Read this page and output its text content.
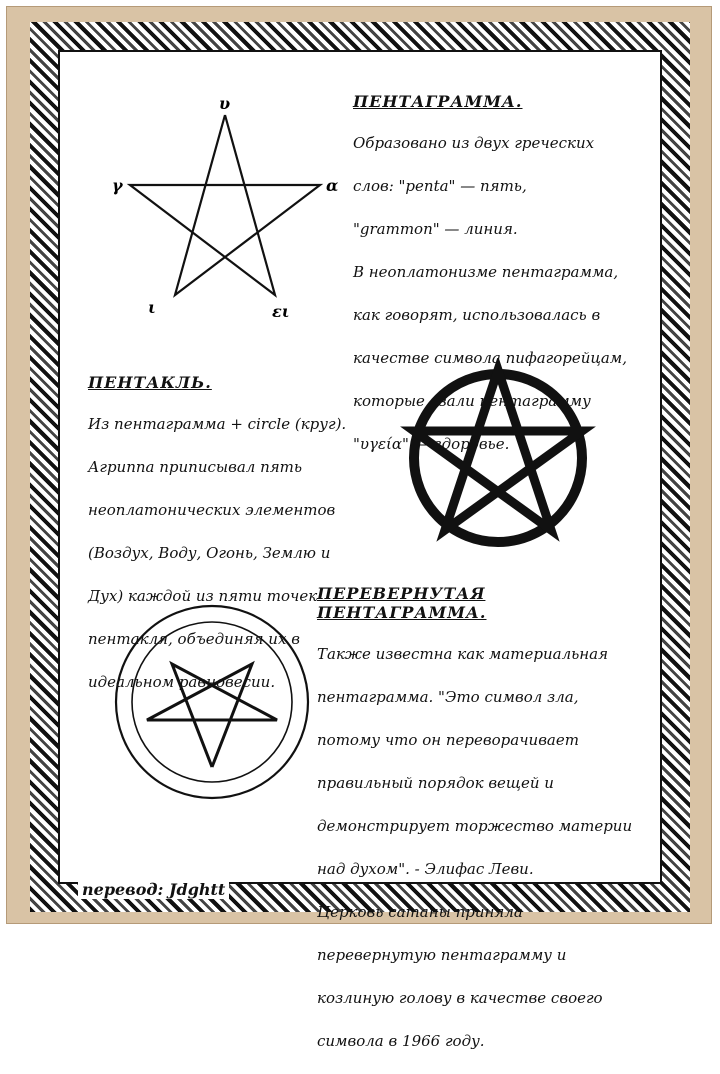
υ
γ	α
ι	ει
ПЕНТАГРАММА.

Образовано из двух греческих

слов: "penta" — пять,

"grammon" — линия.

В неоплатонизме пентаграмма,

как говорят, использовалась в

качестве символа пифагорейцам,

которые звали пентаграмму

"υγεία" — здоровье.

ПЕНТАКЛЬ.

Из пентаграмма + circle (круг).

Агриппа приписывал пять

неоплатонических элементов

(Воздух, Воду, Огонь, Землю и

Дух) каждой из пяти точек

пентакля, объединяя их в

идеальном равновесии.

ПЕРЕВЕРНУТАЯ
ПЕНТАГРАММА.

Также известна как материальная

пентаграмма. "Это символ зла,

потому что он переворачивает

правильный порядок вещей и

демонстрирует торжество материи

над духом". - Элифас Леви.

Церковь сатаны приняла

перевернутую пентаграмму и

козлиную голову в качестве своего

символа в 1966 году.

перевод: Jdghtt
